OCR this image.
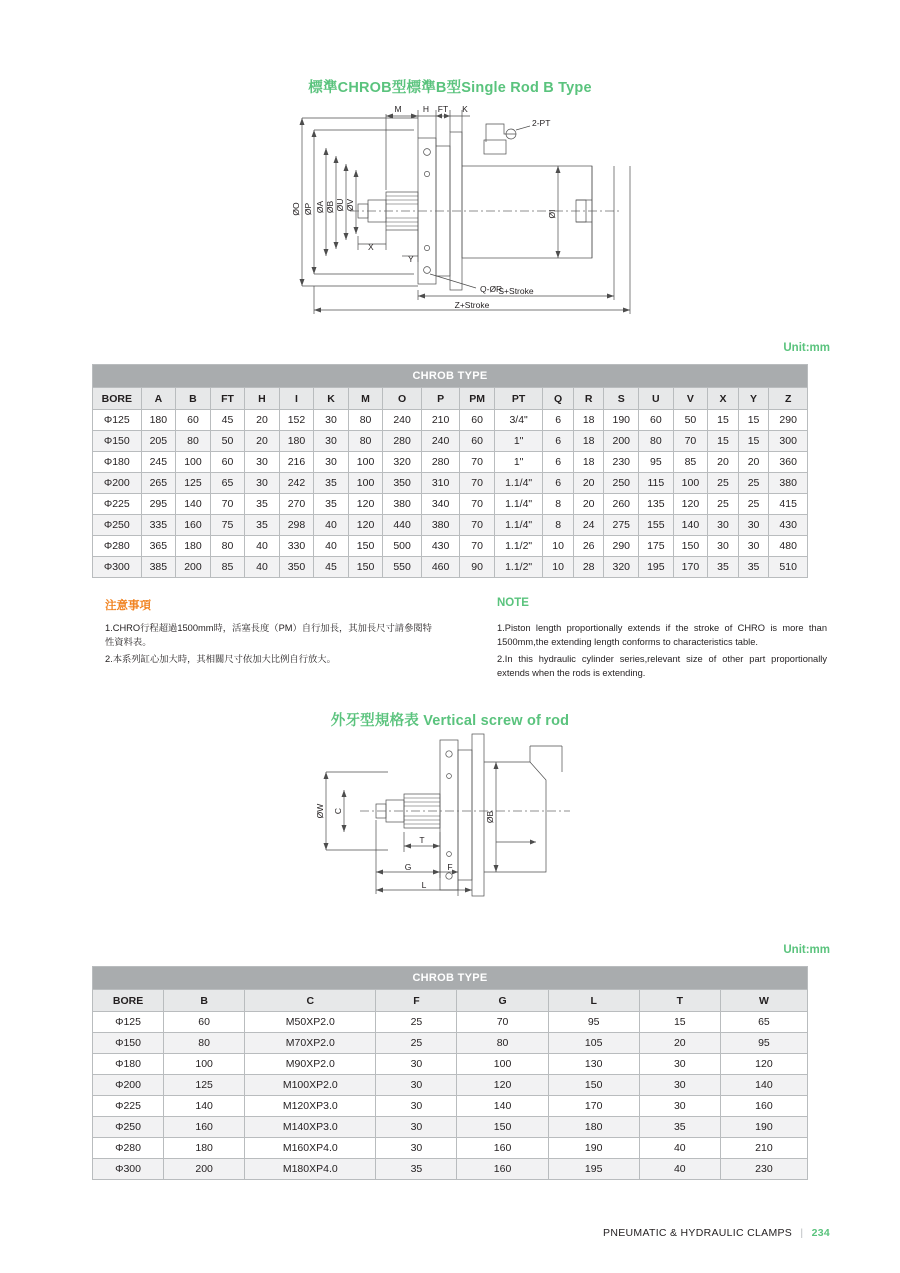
標準CHROB型標準B型Single Rod B Type
M	H FT K
2-PT
ØO ØP ØA ØB ØU ØV
ØI
X
Y
Q-ØR
S+Stroke
Z+Stroke
Unit:mm
CHROB TYPE																			
BORE	A	B	FT	H	I	K	M	O	P	PM	PT	Q	R	S	U	V	X	Y	Z
Φ125	180	60	45	20	152	30	80	240	210	60	3/4"	6	18	190	60	50	15	15	290
Φ150	205	80	50	20	180	30	80	280	240	60	1"	6	18	200	80	70	15	15	300
Φ180	245	100	60	30	216	30	100	320	280	70	1"	6	18	230	95	85	20	20	360
Φ200	265	125	65	30	242	35	100	350	310	70	1.1/4"	6	20	250	115	100	25	25	380
Φ225	295	140	70	35	270	35	120	380	340	70	1.1/4"	8	20	260	135	120	25	25	415
Φ250	335	160	75	35	298	40	120	440	380	70	1.1/4"	8	24	275	155	140	30	30	430
Φ280	365	180	80	40	330	40	150	500	430	70	1.1/2"	10	26	290	175	150	30	30	480
Φ300	385	200	85	40	350	45	150	550	460	90	1.1/2"	10	28	320	195	170	35	35	510
注意事項

1.CHRO行程超過1500mm時，活塞長度（PM）自行加長，其加長尺寸請參閱特性資料表。

2.本系列缸心加大時，其相關尺寸依加大比例自行放大。

NOTE

1.Piston length proportionally extends if the stroke of CHRO is more than 1500mm,the extending length conforms to characteristics table.

2.In this hydraulic cylinder series,relevant size of other part proportionally extends when the rods is extending.

外牙型規格表 Vertical screw of rod
ØW C	ØB
T
G	F
L
Unit:mm
CHROB TYPE							
BORE	B	C	F	G	L	T	W
Φ125	60	M50XP2.0	25	70	95	15	65
Φ150	80	M70XP2.0	25	80	105	20	95
Φ180	100	M90XP2.0	30	100	130	30	120
Φ200	125	M100XP2.0	30	120	150	30	140
Φ225	140	M120XP3.0	30	140	170	30	160
Φ250	160	M140XP3.0	30	150	180	35	190
Φ280	180	M160XP4.0	30	160	190	40	210
Φ300	200	M180XP4.0	35	160	195	40	230
PNEUMATIC & HYDRAULIC CLAMPS | 234
